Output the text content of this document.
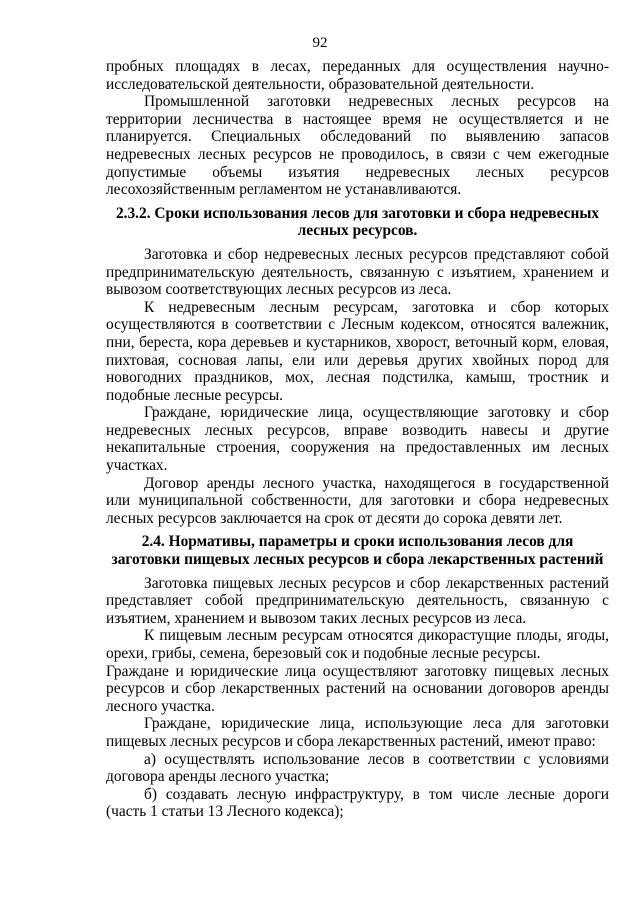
92

пробных площадях в лесах, переданных для осуществления научно-исследовательской деятельности, образовательной деятельности.

Промышленной заготовки недревесных лесных ресурсов на территории лесничества в настоящее время не осуществляется и не планируется. Специальных обследований по выявлению запасов недревесных лесных ресурсов не проводилось, в связи с чем ежегодные допустимые объемы изъятия недревесных лесных ресурсов лесохозяйственным регламентом не устанавливаются.

2.3.2. Сроки использования лесов для заготовки и сбора недревесных лесных ресурсов.

Заготовка и сбор недревесных лесных ресурсов представляют собой предпринимательскую деятельность, связанную с изъятием, хранением и вывозом соответствующих лесных ресурсов из леса.

К недревесным лесным ресурсам, заготовка и сбор которых осуществляются в соответствии с Лесным кодексом, относятся валежник, пни, береста, кора деревьев и кустарников, хворост, веточный корм, еловая, пихтовая, сосновая лапы, ели или деревья других хвойных пород для новогодних праздников, мох, лесная подстилка, камыш, тростник и подобные лесные ресурсы.

Граждане, юридические лица, осуществляющие заготовку и сбор недревесных лесных ресурсов, вправе возводить навесы и другие некапитальные строения, сооружения на предоставленных им лесных участках.

Договор аренды лесного участка, находящегося в государственной или муниципальной собственности, для заготовки и сбора недревесных лесных ресурсов заключается на срок от десяти до сорока девяти лет.

2.4. Нормативы, параметры и сроки использования лесов для заготовки пищевых лесных ресурсов и сбора лекарственных растений

Заготовка пищевых лесных ресурсов и сбор лекарственных растений представляет собой предпринимательскую деятельность, связанную с изъятием, хранением и вывозом таких лесных ресурсов из леса.

К пищевым лесным ресурсам относятся дикорастущие плоды, ягоды, орехи, грибы, семена, березовый сок и подобные лесные ресурсы.

Граждане и юридические лица осуществляют заготовку пищевых лесных ресурсов и сбор лекарственных растений на основании договоров аренды лесного участка.

Граждане, юридические лица, использующие леса для заготовки пищевых лесных ресурсов и сбора лекарственных растений, имеют право:

а) осуществлять использование лесов в соответствии с условиями договора аренды лесного участка;

б) создавать лесную инфраструктуру, в том числе лесные дороги (часть 1 статьи 13 Лесного кодекса);
